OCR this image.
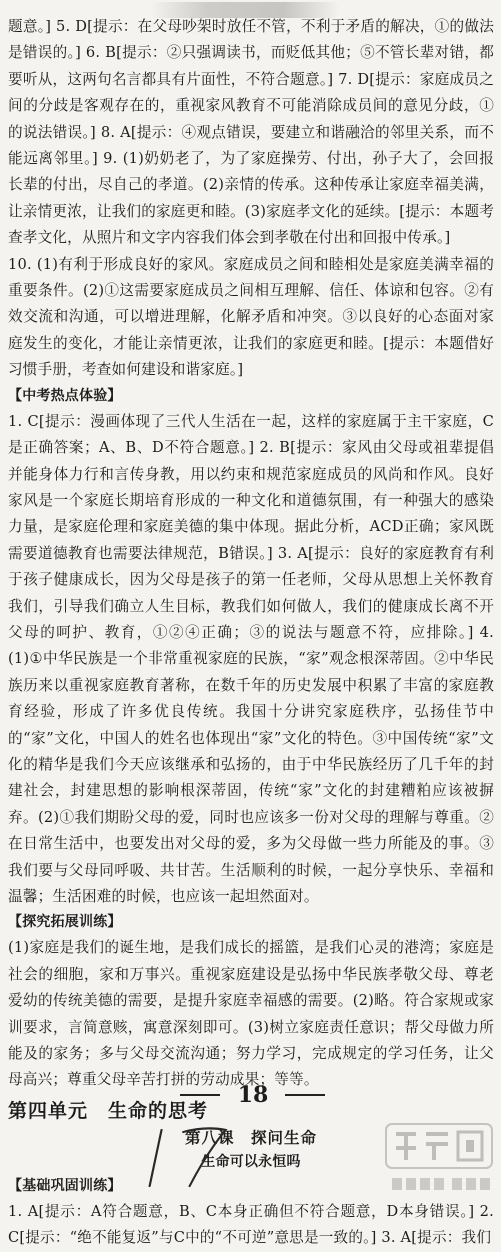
题意。] 5. D[提示：在父母吵架时放任不管，不利于矛盾的解决，①的做法是错误的。] 6. B[提示：②只强调读书，而贬低其他；⑤不管长辈对错，都要听从，这两句名言都具有片面性，不符合题意。] 7. D[提示：家庭成员之间的分歧是客观存在的，重视家风教育不可能消除成员间的意见分歧，①的说法错误。] 8. A[提示：④观点错误，要建立和谐融洽的邻里关系，而不能远离邻里。] 9. (1)奶奶老了，为了家庭操劳、付出，孙子大了，会回报长辈的付出，尽自己的孝道。(2)亲情的传承。这种传承让家庭幸福美满，让亲情更浓，让我们的家庭更和睦。(3)家庭孝文化的延续。[提示：本题考查孝文化，从照片和文字内容我们体会到孝敬在付出和回报中传承。]

10. (1)有利于形成良好的家风。家庭成员之间和睦相处是家庭美满幸福的重要条件。(2)①这需要家庭成员之间相互理解、信任、体谅和包容。②有效交流和沟通，可以增进理解，化解矛盾和冲突。③以良好的心态面对家庭发生的变化，才能让亲情更浓，让我们的家庭更和睦。[提示：本题借好习惯手册，考查如何建设和谐家庭。]

【中考热点体验】

1. C[提示：漫画体现了三代人生活在一起，这样的家庭属于主干家庭，C是正确答案；A、B、D不符合题意。] 2. B[提示：家风由父母或祖辈提倡并能身体力行和言传身教，用以约束和规范家庭成员的风尚和作风。良好家风是一个家庭长期培育形成的一种文化和道德氛围，有一种强大的感染力量，是家庭伦理和家庭美德的集中体现。据此分析，ACD正确；家风既需要道德教育也需要法律规范，B错误。] 3. A[提示：良好的家庭教育有利于孩子健康成长，因为父母是孩子的第一任老师，父母从思想上关怀教育我们，引导我们确立人生目标，教我们如何做人，我们的健康成长离不开父母的呵护、教育，①②④正确；③的说法与题意不符，应排除。] 4. (1)①中华民族是一个非常重视家庭的民族，“家”观念根深蒂固。②中华民族历来以重视家庭教育著称，在数千年的历史发展中积累了丰富的家庭教育经验，形成了许多优良传统。我国十分讲究家庭秩序，弘扬佳节中的“家”文化，中国人的姓名也体现出“家”文化的特色。③中国传统“家”文化的精华是我们今天应该继承和弘扬的，由于中华民族经历了几千年的封建社会，封建思想的影响根深蒂固，传统“家”文化的封建糟粕应该被摒弃。(2)①我们期盼父母的爱，同时也应该多一份对父母的理解与尊重。②在日常生活中，也要发出对父母的爱，多为父母做一些力所能及的事。③我们要与父母同呼吸、共甘苦。生活顺利的时候，一起分享快乐、幸福和温馨；生活困难的时候，也应该一起坦然面对。

【探究拓展训练】

(1)家庭是我们的诞生地，是我们成长的摇篮，是我们心灵的港湾；家庭是社会的细胞，家和万事兴。重视家庭建设是弘扬中华民族孝敬父母、尊老爱幼的传统美德的需要，是提升家庭幸福感的需要。(2)略。符合家规或家训要求，言简意赅，寓意深刻即可。(3)树立家庭责任意识；帮父母做力所能及的家务；多与父母交流沟通；努力学习，完成规定的学习任务，让父母高兴；尊重父母辛苦打拼的劳动成果；等等。

第四单元　生命的思考

第八课　探问生命

生命可以永恒吗

【基础巩固训练】

1. A[提示：A符合题意，B、C本身正确但不符合题意，D本身错误。] 2. C[提示：“绝不能复返”与C中的“不可逆”意思是一致的。] 3. A[提示：我们

18
